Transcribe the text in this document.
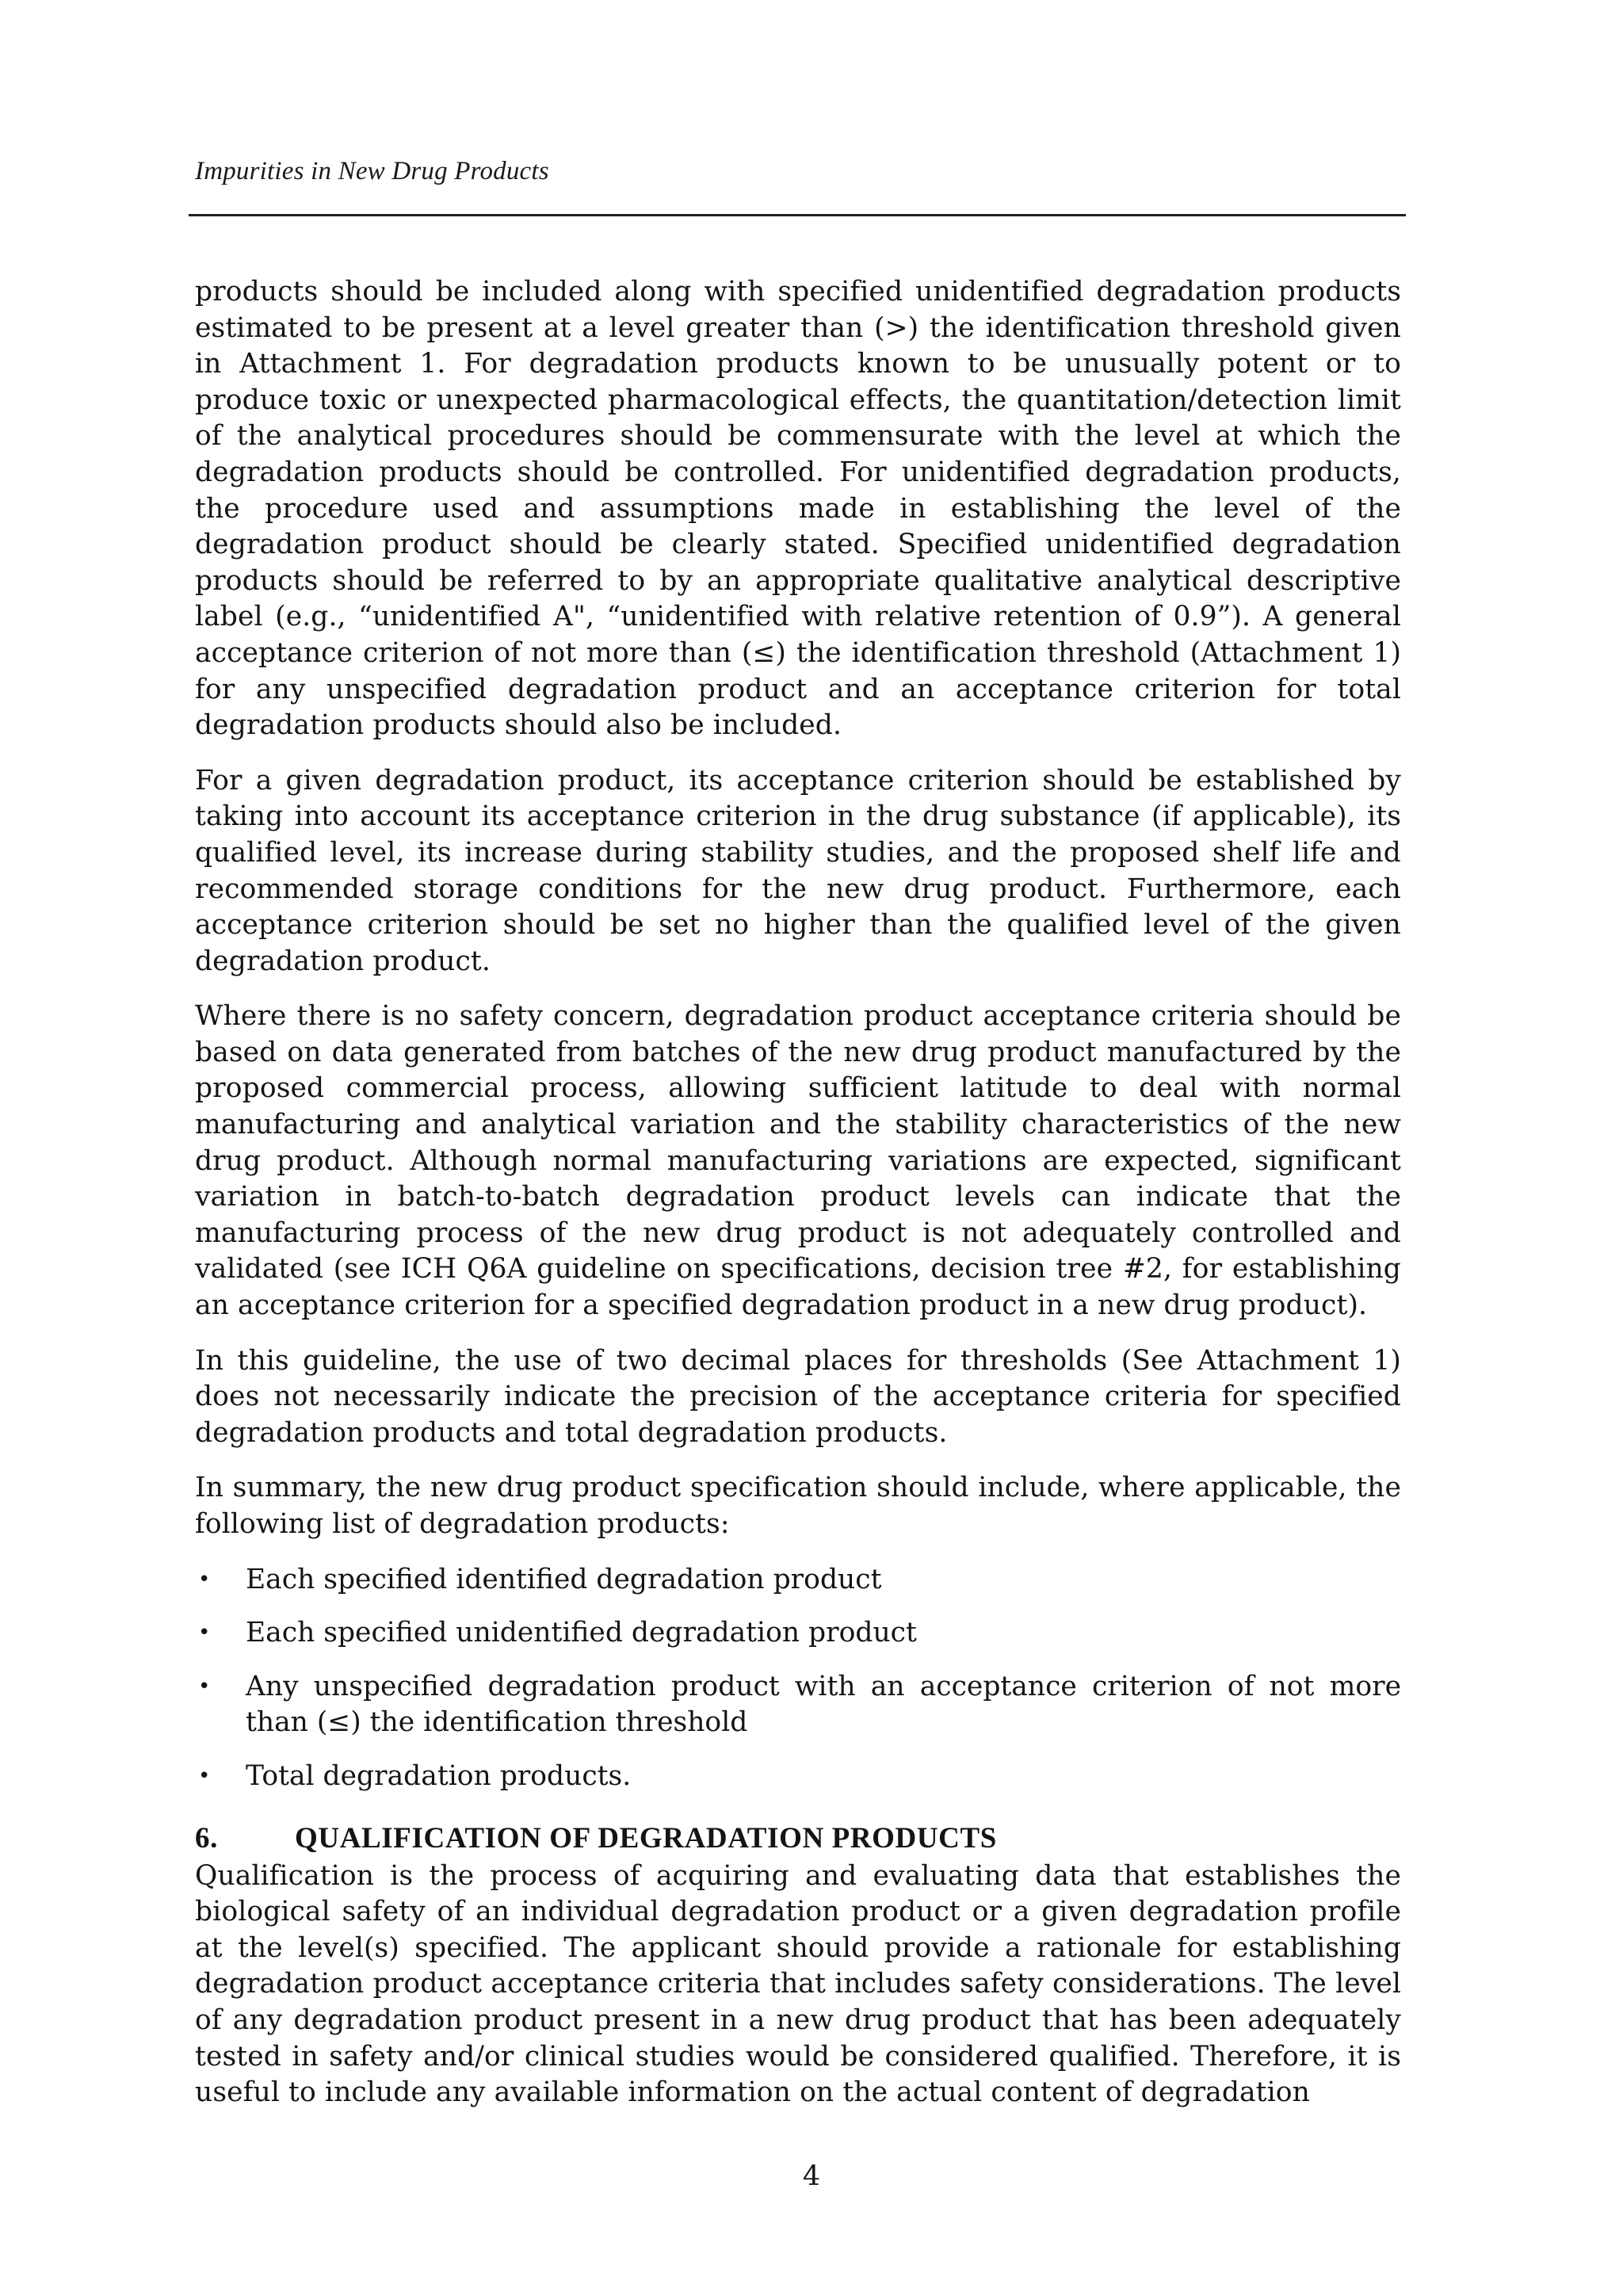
Impurities in New Drug Products

products should be included along with specified unidentified degradation products estimated to be present at a level greater than (>) the identification threshold given in Attachment 1. For degradation products known to be unusually potent or to produce toxic or unexpected pharmacological effects, the quantitation/detection limit of the analytical procedures should be commensurate with the level at which the degradation products should be controlled. For unidentified degradation products, the procedure used and assumptions made in establishing the level of the degradation product should be clearly stated. Specified unidentified degradation products should be referred to by an appropriate qualitative analytical descriptive label (e.g., “unidentified A", “unidentified with relative retention of 0.9”). A general acceptance criterion of not more than (≤) the identification threshold (Attachment 1) for any unspecified degradation product and an acceptance criterion for total degradation products should also be included.

For a given degradation product, its acceptance criterion should be established by taking into account its acceptance criterion in the drug substance (if applicable), its qualified level, its increase during stability studies, and the proposed shelf life and recommended storage conditions for the new drug product. Furthermore, each acceptance criterion should be set no higher than the qualified level of the given degradation product.

Where there is no safety concern, degradation product acceptance criteria should be based on data generated from batches of the new drug product manufactured by the proposed commercial process, allowing sufficient latitude to deal with normal manufacturing and analytical variation and the stability characteristics of the new drug product. Although normal manufacturing variations are expected, significant variation in batch-to-batch degradation product levels can indicate that the manufacturing process of the new drug product is not adequately controlled and validated (see ICH Q6A guideline on specifications, decision tree #2, for establishing an acceptance criterion for a specified degradation product in a new drug product).

In this guideline, the use of two decimal places for thresholds (See Attachment 1) does not necessarily indicate the precision of the acceptance criteria for specified degradation products and total degradation products.

In summary, the new drug product specification should include, where applicable, the following list of degradation products:

• Each specified identified degradation product
• Each specified unidentified degradation product
• Any unspecified degradation product with an acceptance criterion of not more than (≤) the identification threshold
• Total degradation products.
6.	QUALIFICATION OF DEGRADATION PRODUCTS

Qualification is the process of acquiring and evaluating data that establishes the biological safety of an individual degradation product or a given degradation profile at the level(s) specified. The applicant should provide a rationale for establishing degradation product acceptance criteria that includes safety considerations. The level of any degradation product present in a new drug product that has been adequately tested in safety and/or clinical studies would be considered qualified. Therefore, it is useful to include any available information on the actual content of degradation

4
